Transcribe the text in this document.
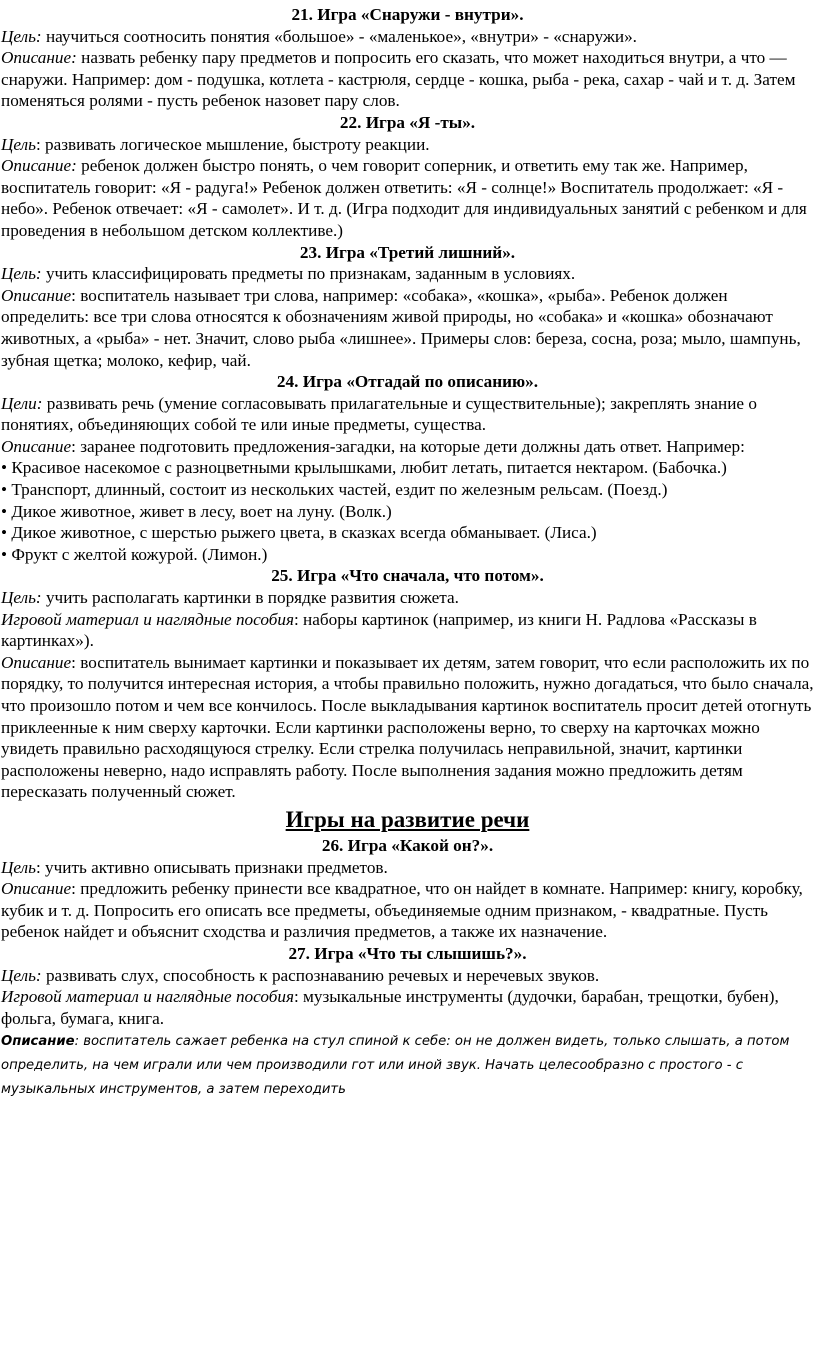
21. Игра «Снаружи - внутри».

Цель: научиться соотносить понятия «большое» - «маленькое», «внутри» - «снаружи».

Описание: назвать ребенку пару предметов и попросить его сказать, что может находиться внутри, а что — снаружи. Например: дом - подушка, котлета - кастрюля, сердце - кошка, рыба - река, сахар - чай и т. д. Затем поменяться ролями - пусть ребенок назовет пару слов.

22. Игра «Я -ты».

Цель: развивать логическое мышление, быстроту реакции.

Описание: ребенок должен быстро понять, о чем говорит соперник, и ответить ему так же. Например, воспитатель говорит: «Я - радуга!» Ребенок должен ответить: «Я - солнце!» Воспитатель продолжает: «Я - небо». Ребенок отвечает: «Я - самолет». И т. д. (Игра подходит для индивидуальных занятий с ребенком и для проведения в небольшом детском коллективе.)

23. Игра «Третий лишний».

Цель: учить классифицировать предметы по признакам, заданным в условиях.

Описание: воспитатель называет три слова, например: «собака», «кошка», «рыба». Ребенок должен определить: все три слова относятся к обозначениям живой природы, но «собака» и «кошка» обозначают животных, а «рыба» - нет. Значит, слово рыба «лишнее». Примеры слов: береза, сосна, роза; мыло, шампунь, зубная щетка; молоко, кефир, чай.

24. Игра «Отгадай по описанию».

Цели: развивать речь (умение согласовывать прилагательные и существительные); закреплять знание о понятиях, объединяющих собой те или иные предметы, существа.

Описание: заранее подготовить предложения-загадки, на которые дети должны дать ответ. Например:

• Красивое насекомое с разноцветными крылышками, любит летать, питается нектаром. (Бабочка.)

• Транспорт, длинный, состоит из нескольких частей, ездит по железным рельсам. (Поезд.)

• Дикое животное, живет в лесу, воет на луну. (Волк.)

• Дикое животное, с шерстью рыжего цвета, в сказках всегда обманывает. (Лиса.)

• Фрукт с желтой кожурой. (Лимон.)

25. Игра «Что сначала, что потом».

Цель: учить располагать картинки в порядке развития сюжета.

Игровой материал и наглядные пособия: наборы картинок (например, из книги Н. Радлова «Рассказы в картинках»).

Описание: воспитатель вынимает картинки и показывает их детям, затем говорит, что если расположить их по порядку, то получится интересная история, а чтобы правильно положить, нужно догадаться, что было сначала, что произошло потом и чем все кончилось. После выкладывания картинок воспитатель просит детей отогнуть приклеенные к ним сверху карточки. Если картинки расположены верно, то сверху на карточках можно увидеть правильно расходящуюся стрелку. Если стрелка получилась неправильной, значит, картинки расположены неверно, надо исправлять работу. После выполнения задания можно предложить детям пересказать полученный сюжет.

Игры на развитие речи
26. Игра «Какой он?».

Цель: учить активно описывать признаки предметов.

Описание: предложить ребенку принести все квадратное, что он найдет в комнате. Например: книгу, коробку, кубик и т. д. Попросить его описать все предметы, объединяемые одним признаком, - квадратные. Пусть ребенок найдет и объяснит сходства и различия предметов, а также их назначение.

27. Игра «Что ты слышишь?».

Цель: развивать слух, способность к распознаванию речевых и неречевых звуков.

Игровой материал и наглядные пособия: музыкальные инструменты (дудочки, барабан, трещотки, бубен), фольга, бумага, книга.

Описание: воспитатель сажает ребенка на стул спиной к себе: он не должен видеть, только слышать, а потом определить, на чем играли или чем производили гот или иной звук. Начать целесообразно с простого - с музыкальных инструментов, а затем переходить
